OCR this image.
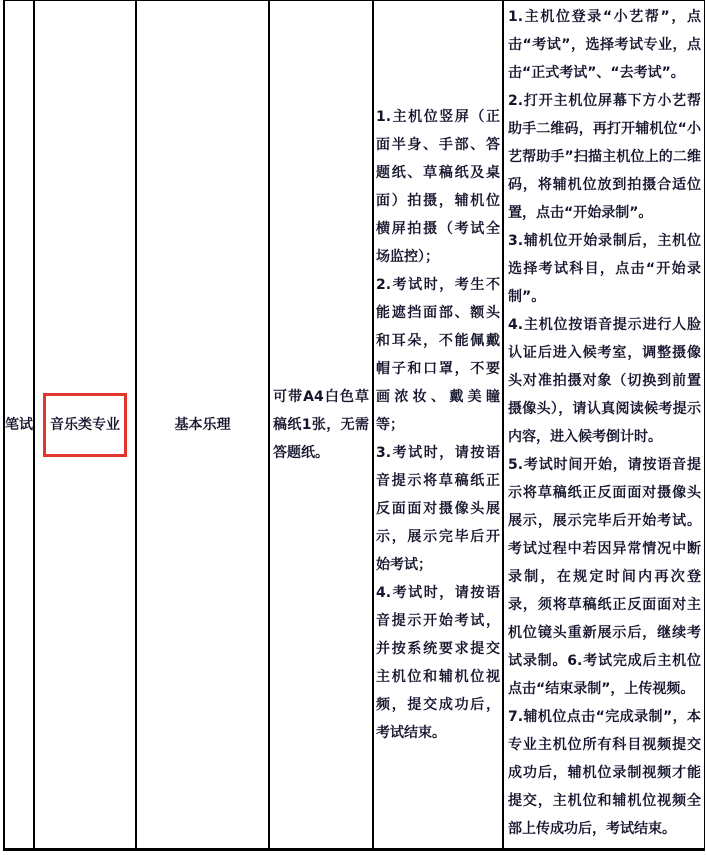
笔试	音乐类专业	基本乐理

可带A4白色草稿纸1张，无需答题纸。

1.主机位竖屏（正面半身、手部、答题纸、草稿纸及桌面）拍摄，辅机位横屏拍摄（考试全场监控）；

2.考试时，考生不能遮挡面部、额头和耳朵，不能佩戴帽子和口罩，不要画浓妆、戴美瞳等；

3.考试时，请按语音提示将草稿纸正反面面对摄像头展示，展示完毕后开始考试；

4.考试时，请按语音提示开始考试，并按系统要求提交主机位和辅机位视频，提交成功后，考试结束。

1.主机位登录“小艺帮”，点击“考试”，选择考试专业，点击“正式考试”、“去考试”。

2.打开主机位屏幕下方小艺帮助手二维码，再打开辅机位“小艺帮助手”扫描主机位上的二维码，将辅机位放到拍摄合适位置，点击“开始录制”。

3.辅机位开始录制后，主机位选择考试科目，点击“开始录制”。

4.主机位按语音提示进行人脸认证后进入候考室，调整摄像头对准拍摄对象（切换到前置摄像头），请认真阅读候考提示内容，进入候考倒计时。

5.考试时间开始，请按语音提示将草稿纸正反面面对摄像头展示，展示完毕后开始考试。考试过程中若因异常情况中断录制，在规定时间内再次登录，须将草稿纸正反面面对主机位镜头重新展示后，继续考试录制。6.考试完成后主机位点击“结束录制”，上传视频。

7.辅机位点击“完成录制”，本专业主机位所有科目视频提交成功后，辅机位录制视频才能提交，主机位和辅机位视频全部上传成功后，考试结束。
